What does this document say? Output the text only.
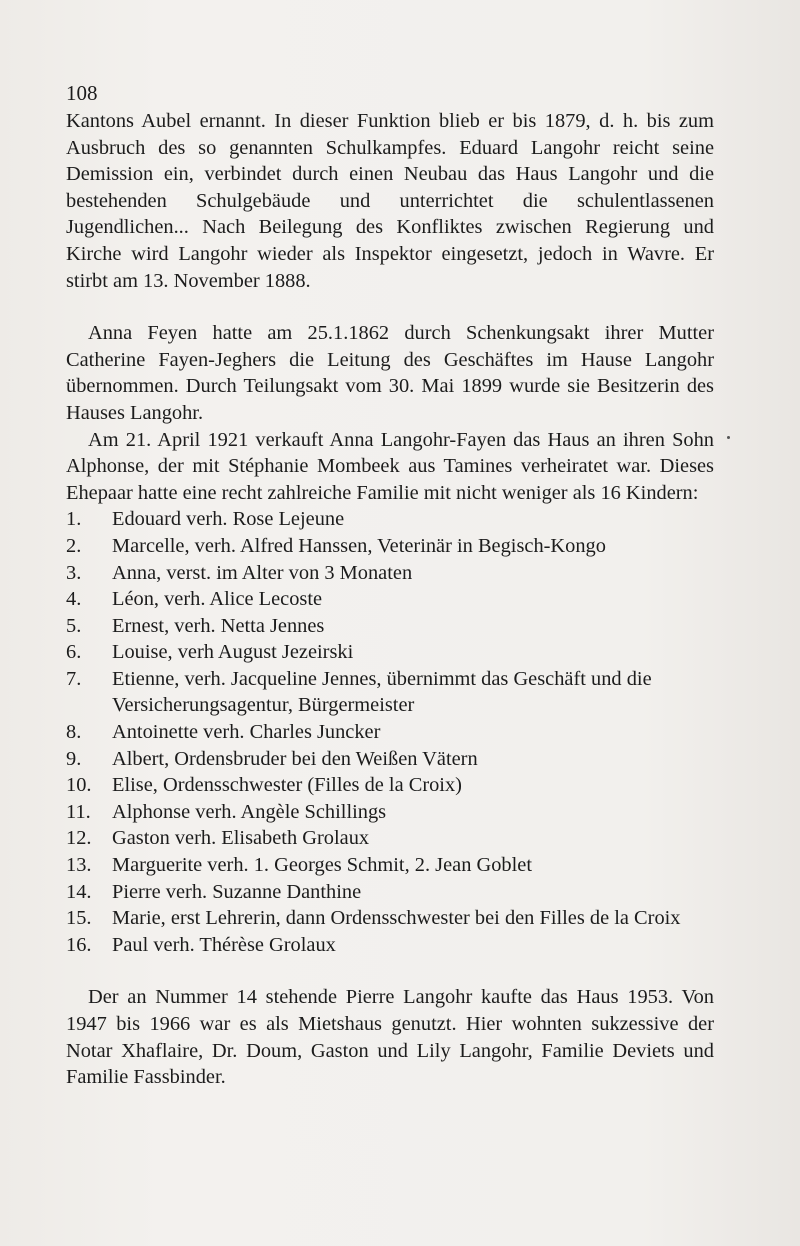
108

Kantons Aubel ernannt. In dieser Funktion blieb er bis 1879, d. h. bis zum Ausbruch des so genannten Schulkampfes. Eduard Langohr reicht seine Demission ein, verbindet durch einen Neubau das Haus Langohr und die bestehenden Schulgebäude und unterrichtet die schulentlassenen Jugendlichen... Nach Beilegung des Konfliktes zwischen Regierung und Kirche wird Langohr wieder als Inspektor eingesetzt, jedoch in Wavre. Er stirbt am 13. November 1888.

Anna Feyen hatte am 25.1.1862 durch Schenkungsakt ihrer Mutter Catherine Fayen-Jeghers die Leitung des Geschäftes im Hause Langohr übernommen. Durch Teilungsakt vom 30. Mai 1899 wurde sie Besitzerin des Hauses Langohr.

Am 21. April 1921 verkauft Anna Langohr-Fayen das Haus an ihren Sohn Alphonse, der mit Stéphanie Mombeek aus Tamines verheiratet war. Dieses Ehepaar hatte eine recht zahlreiche Familie mit nicht weniger als 16 Kindern:

1.	Edouard verh. Rose Lejeune
2.	Marcelle, verh. Alfred Hanssen, Veterinär in Begisch-Kongo
3.	Anna, verst. im Alter von 3 Monaten
4.	Léon, verh. Alice Lecoste
5.	Ernest, verh. Netta Jennes
6.	Louise, verh August Jezeirski
7.	Etienne, verh. Jacqueline Jennes, übernimmt das Geschäft und die Versicherungsagentur, Bürgermeister
8.	Antoinette verh. Charles Juncker
9.	Albert, Ordensbruder bei den Weißen Vätern
10.	Elise, Ordensschwester (Filles de la Croix)
11.	Alphonse verh. Angèle Schillings
12.	Gaston verh. Elisabeth Grolaux
13.	Marguerite verh. 1. Georges Schmit, 2. Jean Goblet
14.	Pierre verh. Suzanne Danthine
15.	Marie, erst Lehrerin, dann Ordensschwester bei den Filles de la Croix
16.	Paul verh. Thérèse Grolaux

Der an Nummer 14 stehende Pierre Langohr kaufte das Haus 1953. Von 1947 bis 1966 war es als Mietshaus genutzt. Hier wohnten sukzessive der Notar Xhaflaire, Dr. Doum, Gaston und Lily Langohr, Familie Deviets und Familie Fassbinder.
